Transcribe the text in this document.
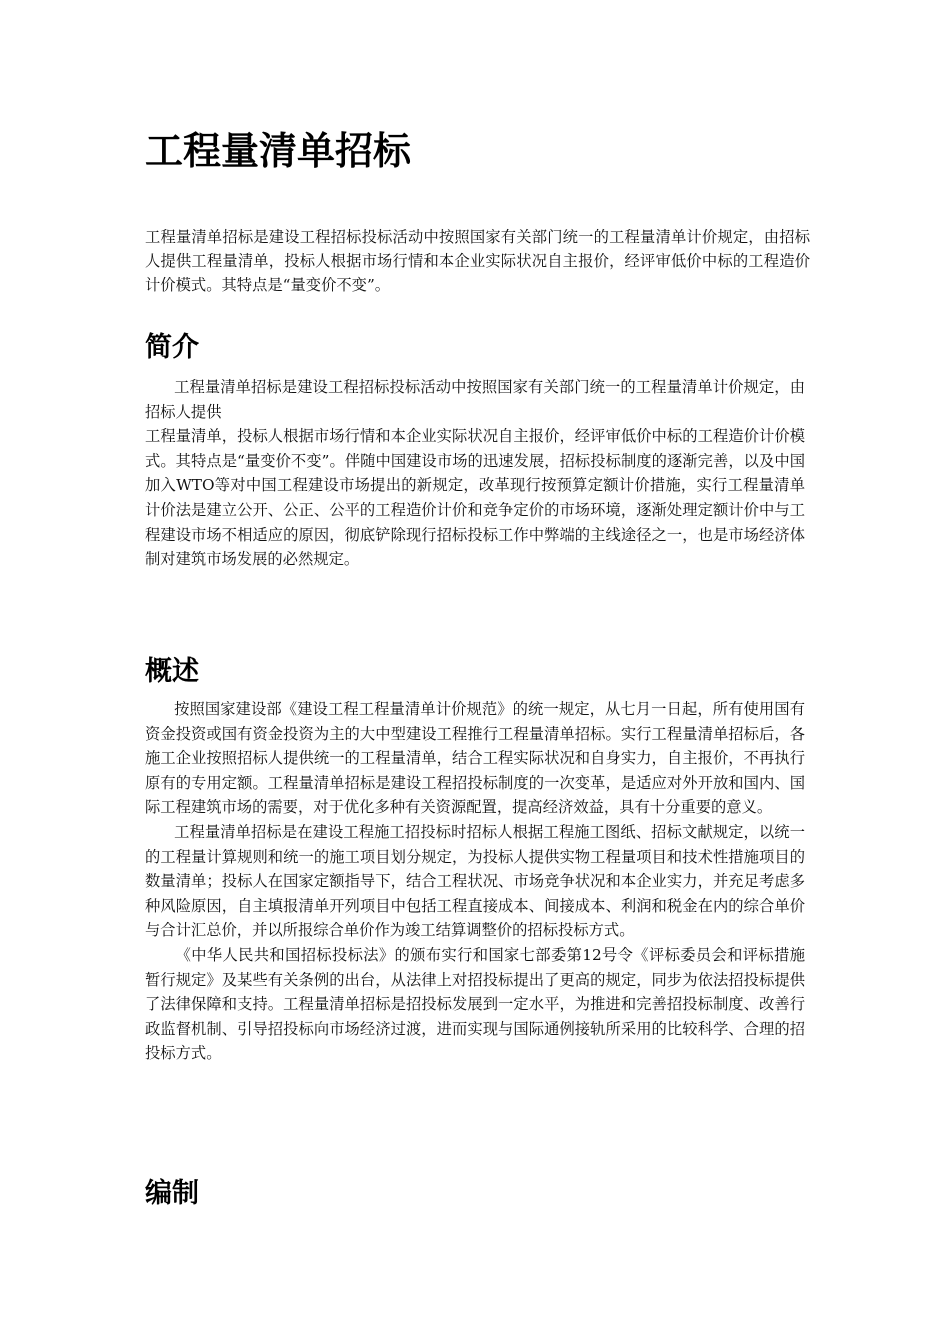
工程量清单招标

工程量清单招标是建设工程招标投标活动中按照国家有关部门统一的工程量清单计价规定，由招标人提供工程量清单，投标人根据市场行情和本企业实际状况自主报价，经评审低价中标的工程造价计价模式。其特点是“量变价不变”。

简介

工程量清单招标是建设工程招标投标活动中按照国家有关部门统一的工程量清单计价规定，由招标人提供

工程量清单，投标人根据市场行情和本企业实际状况自主报价，经评审低价中标的工程造价计价模式。其特点是“量变价不变”。伴随中国建设市场的迅速发展，招标投标制度的逐渐完善，以及中国加入WTO等对中国工程建设市场提出的新规定，改革现行按预算定额计价措施，实行工程量清单计价法是建立公开、公正、公平的工程造价计价和竞争定价的市场环境，逐渐处理定额计价中与工程建设市场不相适应的原因，彻底铲除现行招标投标工作中弊端的主线途径之一，也是市场经济体制对建筑市场发展的必然规定。

概述

按照国家建设部《建设工程工程量清单计价规范》的统一规定，从七月一日起，所有使用国有资金投资或国有资金投资为主的大中型建设工程推行工程量清单招标。实行工程量清单招标后，各施工企业按照招标人提供统一的工程量清单，结合工程实际状况和自身实力，自主报价，不再执行原有的专用定额。工程量清单招标是建设工程招投标制度的一次变革，是适应对外开放和国内、国际工程建筑市场的需要，对于优化多种有关资源配置，提高经济效益，具有十分重要的意义。

工程量清单招标是在建设工程施工招投标时招标人根据工程施工图纸、招标文献规定，以统一的工程量计算规则和统一的施工项目划分规定，为投标人提供实物工程量项目和技术性措施项目的数量清单；投标人在国家定额指导下，结合工程状况、市场竞争状况和本企业实力，并充足考虑多种风险原因，自主填报清单开列项目中包括工程直接成本、间接成本、利润和税金在内的综合单价与合计汇总价，并以所报综合单价作为竣工结算调整价的招标投标方式。

《中华人民共和国招标投标法》的颁布实行和国家七部委第12号令《评标委员会和评标措施暂行规定》及某些有关条例的出台，从法律上对招投标提出了更高的规定，同步为依法招投标提供了法律保障和支持。工程量清单招标是招投标发展到一定水平，为推进和完善招投标制度、改善行政监督机制、引导招投标向市场经济过渡，进而实现与国际通例接轨所采用的比较科学、合理的招投标方式。

编制
